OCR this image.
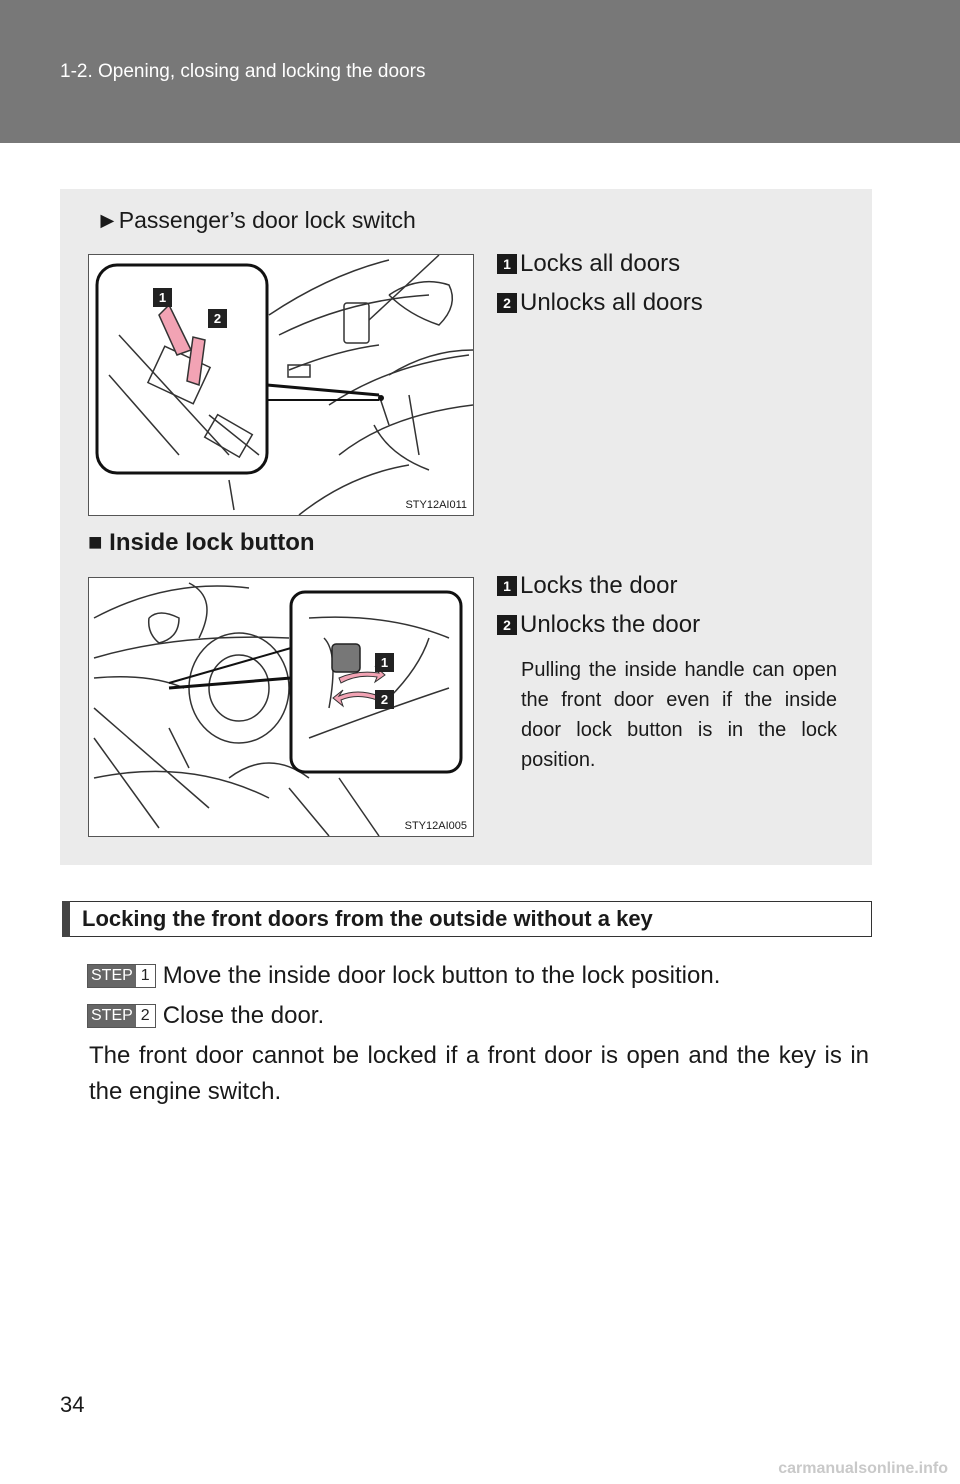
1-2. Opening, closing and locking the doors
►Passenger’s door lock switch
1
2
STY12AI011
1 Locks all doors
2 Unlocks all doors
■ Inside lock button
1
2
STY12AI005
1 Locks the door
2 Unlocks the door
Pulling the inside handle can open the front door even if the inside door lock button is in the lock position.
Locking the front doors from the outside without a key
STEP 1 Move the inside door lock button to the lock position.
STEP 2 Close the door.
The front door cannot be locked if a front door is open and the key is in the engine switch.
34
carmanualsonline.info
